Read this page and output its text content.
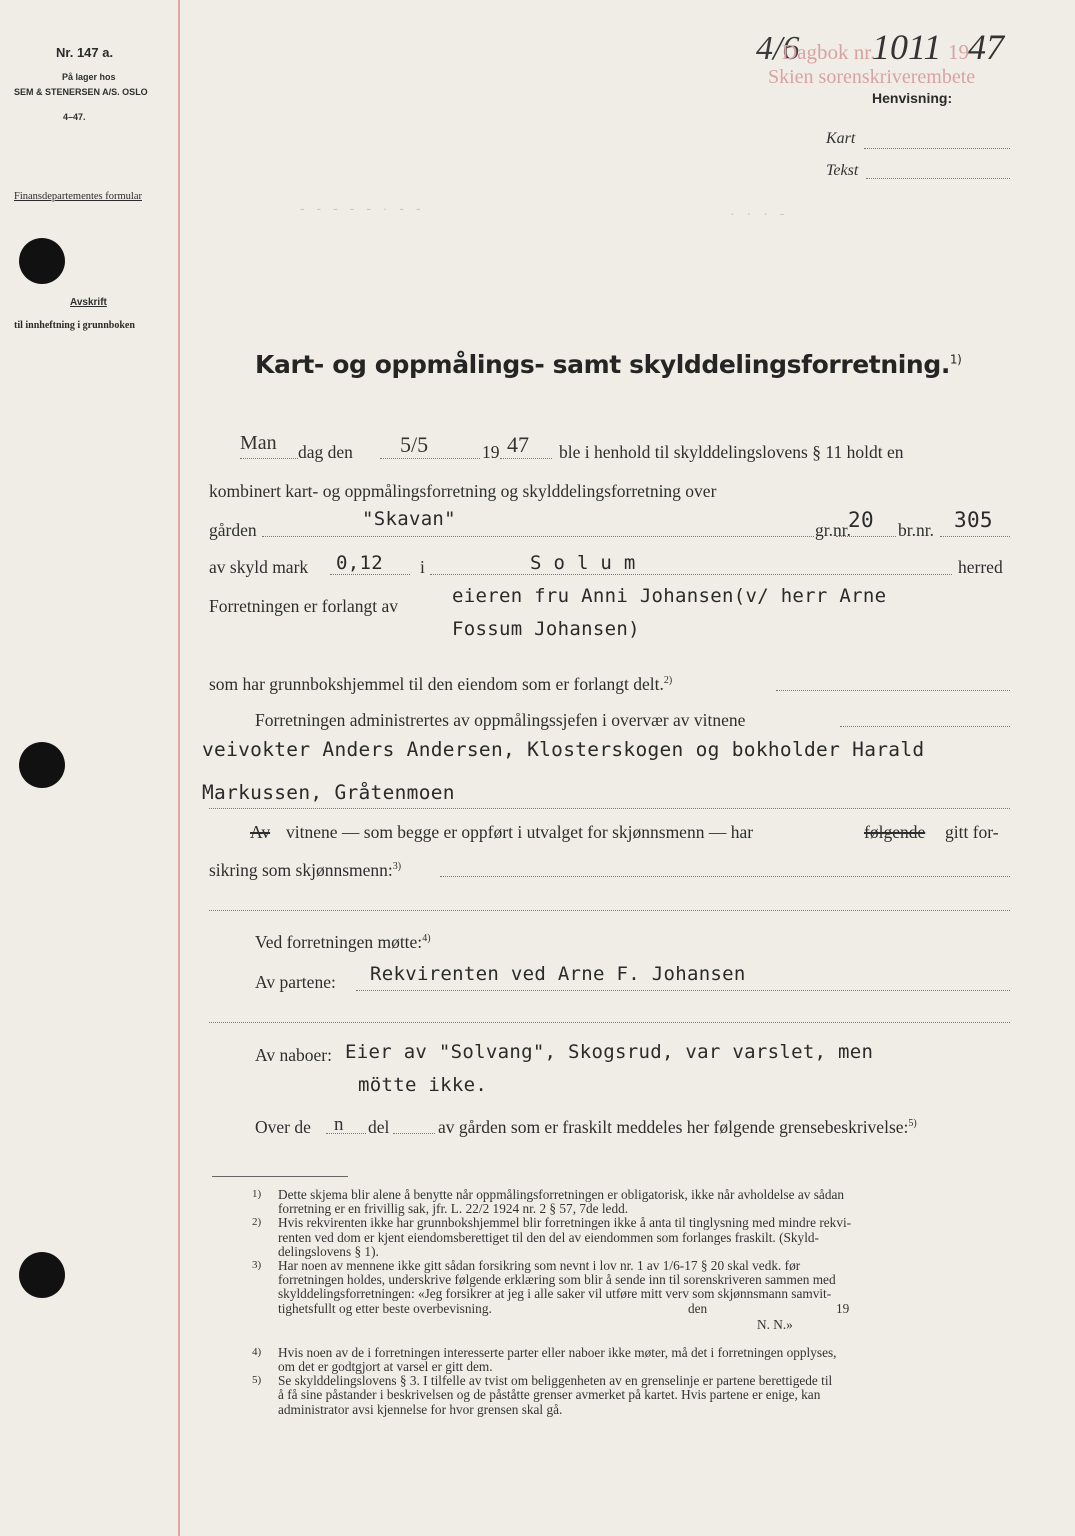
Nr. 147 a.
På lager hos
SEM & STENERSEN A/S. OSLO
4–47.
Finansdepartementes formular
Avskrift
til innheftning i grunnboken
4/6
Dagbok nr.
1011 19 47
Skien sorenskriverembete
Henvisning:
Kart
Tekst
- - - - - · - -	· · · -
Kart- og oppmålings- samt skylddelingsforretning.$^{1)}$
Man dag den 5/5	19 47 ble i henhold til skylddelingslovens § 11 holdt en
kombinert kart- og oppmålingsforretning og skylddelingsforretning over
gården	"Skavan"	gr.nr.
20 br.nr. 305
av skyld mark 0,12 i	S o l u m	herred
Forretningen er forlangt av	eieren fru Anni Johansen(v/ herr Arne
Fossum Johansen)
som har grunnbokshjemmel til den eiendom som er forlangt delt.$^{2)}$
Forretningen administrertes av oppmålingssjefen i overvær av vitnene
veivokter Anders Andersen, Klosterskogen og bokholder Harald
Markussen, Gråtenmoen
Av vitnene — som begge er oppført i utvalget for skjønnsmenn — har	følgende gitt for-
sikring som skjønnsmenn:$^{3)}$
Ved forretningen møtte:$^{4)}$
Av partene: Rekvirenten ved Arne F. Johansen
Av naboer: Eier av "Solvang", Skogsrud, var varslet, men
mötte ikke.
Over de n del	av gården som er fraskilt meddeles her følgende grensebeskrivelse:$^{5)}$
1) Dette skjema blir alene å benytte når oppmålingsforretningen er obligatorisk, ikke når avholdelse av sådan
forretning er en frivillig sak, jfr. L. 22/2 1924 nr. 2 § 57, 7de ledd.
2) Hvis rekvirenten ikke har grunnbokshjemmel blir forretningen ikke å anta til tinglysning med mindre rekvi-
renten ved dom er kjent eiendomsberettiget til den del av eiendommen som forlanges fraskilt. (Skyld-
delingslovens § 1).
3) Har noen av mennene ikke gitt sådan forsikring som nevnt i lov nr. 1 av 1/6-17 § 20 skal vedk. før
forretningen holdes, underskrive følgende erklæring som blir å sende inn til sorenskriveren sammen med
skylddelingsforretningen: «Jeg forsikrer at jeg i alle saker vil utføre mitt verv som skjønnsmann samvit-
tighetsfullt og etter beste overbevisning.	den	19
N. N.»
4) Hvis noen av de i forretningen interesserte parter eller naboer ikke møter, må det i forretningen opplyses,
om det er godtgjort at varsel er gitt dem.
5) Se skylddelingslovens § 3. I tilfelle av tvist om beliggenheten av en grenselinje er partene berettigede til
å få sine påstander i beskrivelsen og de påståtte grenser avmerket på kartet. Hvis partene er enige, kan
administrator avsi kjennelse for hvor grensen skal gå.
